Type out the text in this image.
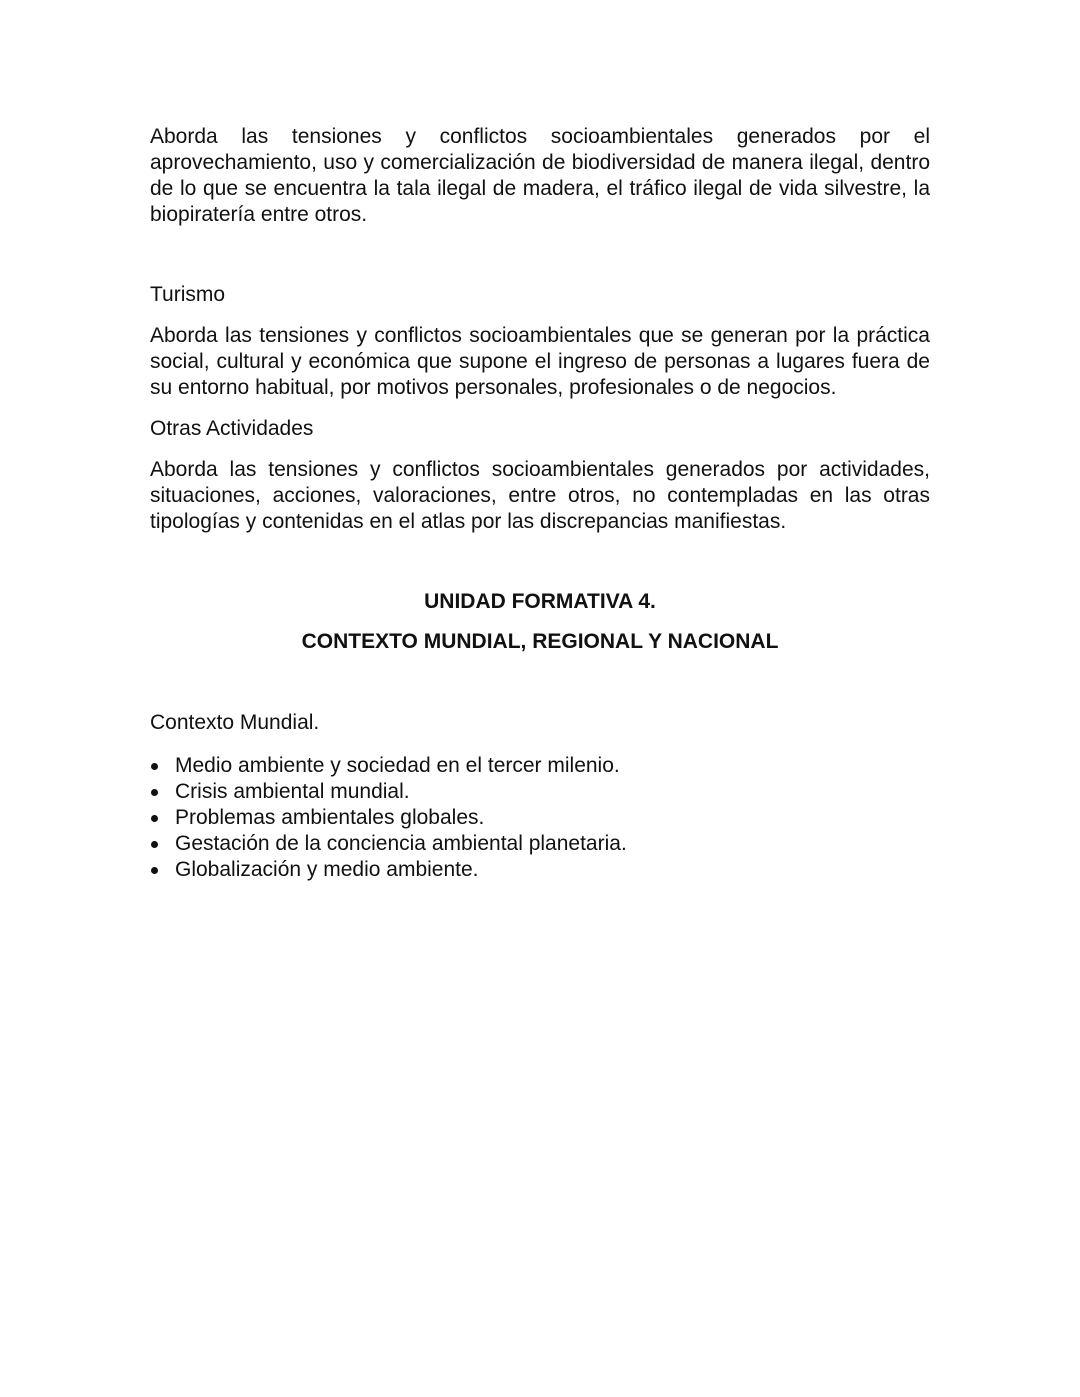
Aborda las tensiones y conflictos socioambientales generados por el aprovechamiento, uso y comercialización de biodiversidad de manera ilegal, dentro de lo que se encuentra la tala ilegal de madera, el tráfico ilegal de vida silvestre, la biopiratería entre otros.

Turismo

Aborda las tensiones y conflictos socioambientales que se generan por la práctica social, cultural y económica que supone el ingreso de personas a lugares fuera de su entorno habitual, por motivos personales, profesionales o de negocios.

Otras Actividades

Aborda las tensiones y conflictos socioambientales generados por actividades, situaciones, acciones, valoraciones, entre otros, no contempladas en las otras tipologías y contenidas en el atlas por las discrepancias manifiestas.

UNIDAD FORMATIVA 4.

CONTEXTO MUNDIAL, REGIONAL Y NACIONAL

Contexto Mundial.

Medio ambiente y sociedad en el tercer milenio.
Crisis ambiental mundial.
Problemas ambientales globales.
Gestación de la conciencia ambiental planetaria.
Globalización y medio ambiente.
